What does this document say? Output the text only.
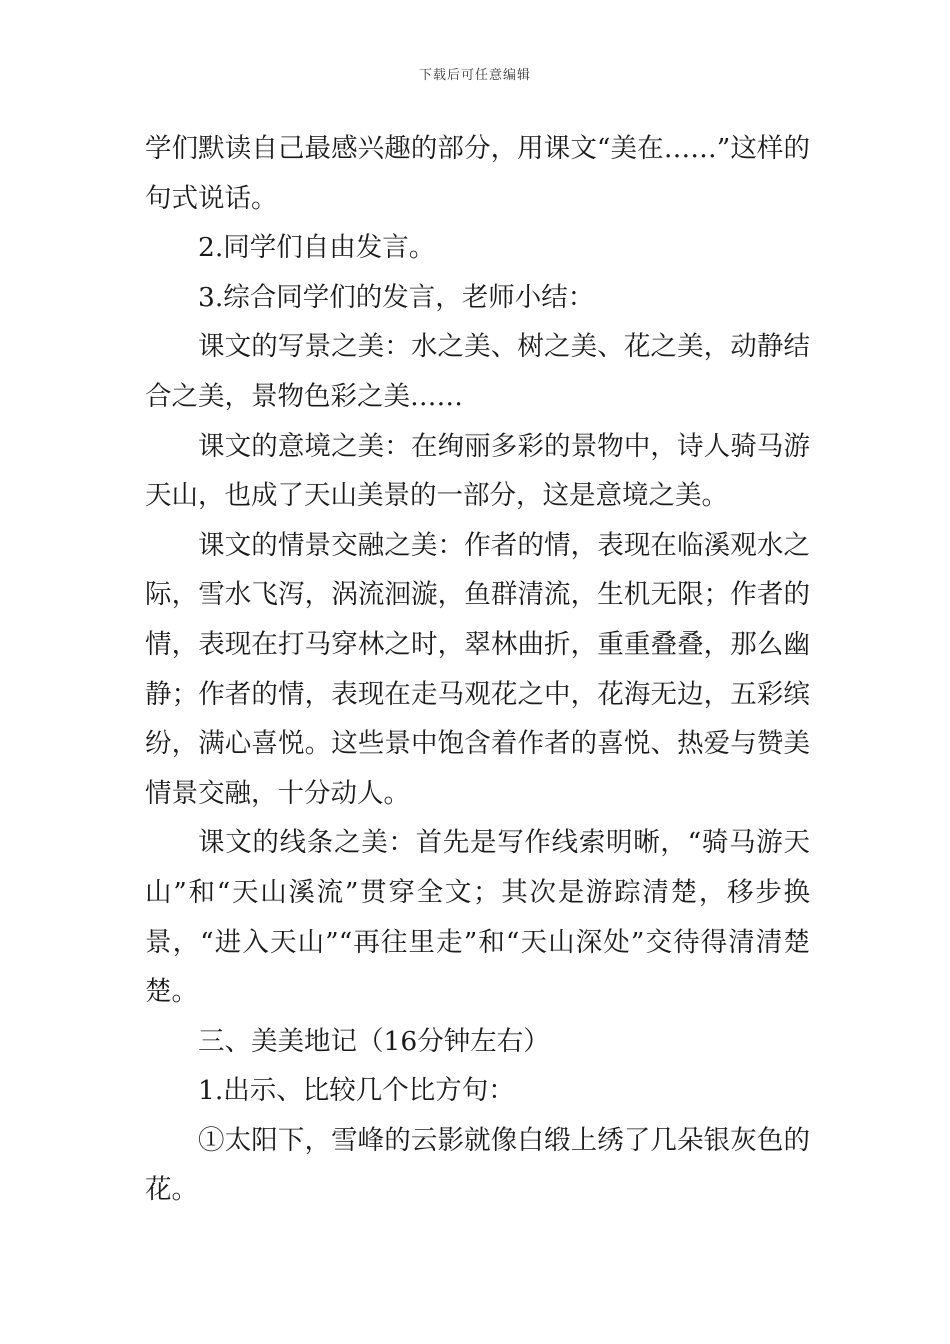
下载后可任意编辑

学们默读自己最感兴趣的部分，用课文“美在……”这样的句式说话。

2.同学们自由发言。

3.综合同学们的发言，老师小结：

课文的写景之美：水之美、树之美、花之美，动静结合之美，景物色彩之美……

课文的意境之美：在绚丽多彩的景物中，诗人骑马游天山，也成了天山美景的一部分，这是意境之美。

课文的情景交融之美：作者的情，表现在临溪观水之际，雪水飞泻，涡流洄漩，鱼群清流，生机无限；作者的情，表现在打马穿林之时，翠林曲折，重重叠叠，那么幽静；作者的情，表现在走马观花之中，花海无边，五彩缤纷，满心喜悦。这些景中饱含着作者的喜悦、热爱与赞美情景交融，十分动人。

课文的线条之美：首先是写作线索明晰，“骑马游天山”和“天山溪流”贯穿全文；其次是游踪清楚，移步换景，“进入天山”“再往里走”和“天山深处”交待得清清楚楚。

三、美美地记（16分钟左右）

1.出示、比较几个比方句：

①太阳下，雪峰的云影就像白缎上绣了几朵银灰色的花。
